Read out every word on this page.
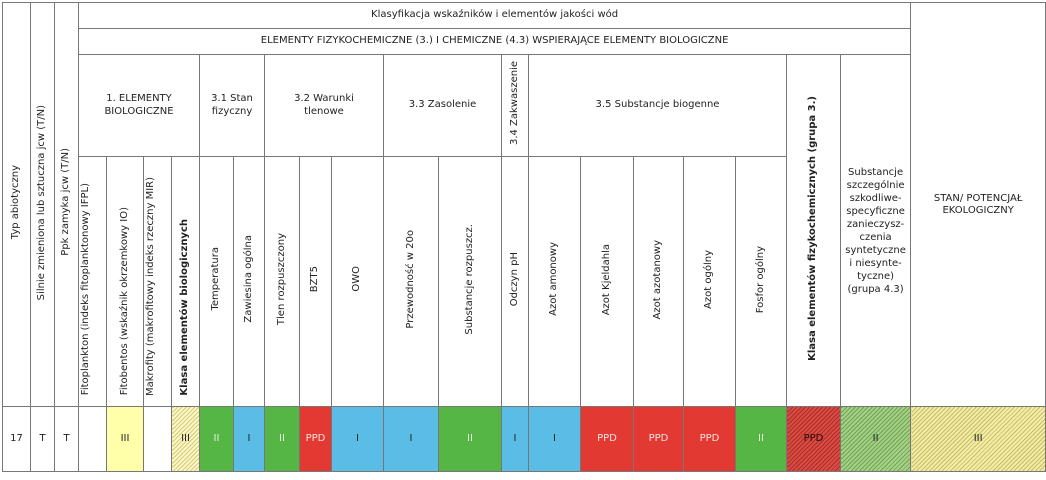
Typ abiotyczny	Silnie zmieniona lub sztuczna jcw (T/N)	Ppk zamyka jcw (T/N)	Klasyfikacja wskaźników i elementów jakości wód																			STAN/ POTENCJAŁ EKOLOGICZNY
			ELEMENTY FIZYKOCHEMICZNE (3.) I CHEMICZNE (4.3) WSPIERAJĄCE ELEMENTY BIOLOGICZNE																			
			1. ELEMENTY BIOLOGICZNE				3.1 Stan fizyczny		3.2 Warunki tlenowe			3.3 Zasolenie		3.4 Zakwaszenie	3.5 Substancje biogenne					Klasa elementów fizykochemicznych (grupa 3.)	Substancje szczególnie szkodliwe-specyficzne zanieczysz-czenia syntetyczne i niesynte-tyczne) (grupa 4.3)	
			Fitoplankton (indeks fitoplanktonowy IFPL)	Fitobentos (wskaźnik okrzemkowy IO)	Makrofity (makrofitowy indeks rzeczny MIR)	Klasa elementów biologicznych	Temperatura	Zawiesina ogólna	Tlen rozpuszczony	BZT5	OWO	Przewodność w 20o	Substancje rozpuszcz.	Odczyn pH	Azot amonowy	Azot Kjeldahla	Azot azotanowy	Azot ogólny	Fosfor ogólny			
17	T	T		III		III	II	I	II	PPD	I	I	II	I	I	PPD	PPD	PPD	II	PPD	II	III
